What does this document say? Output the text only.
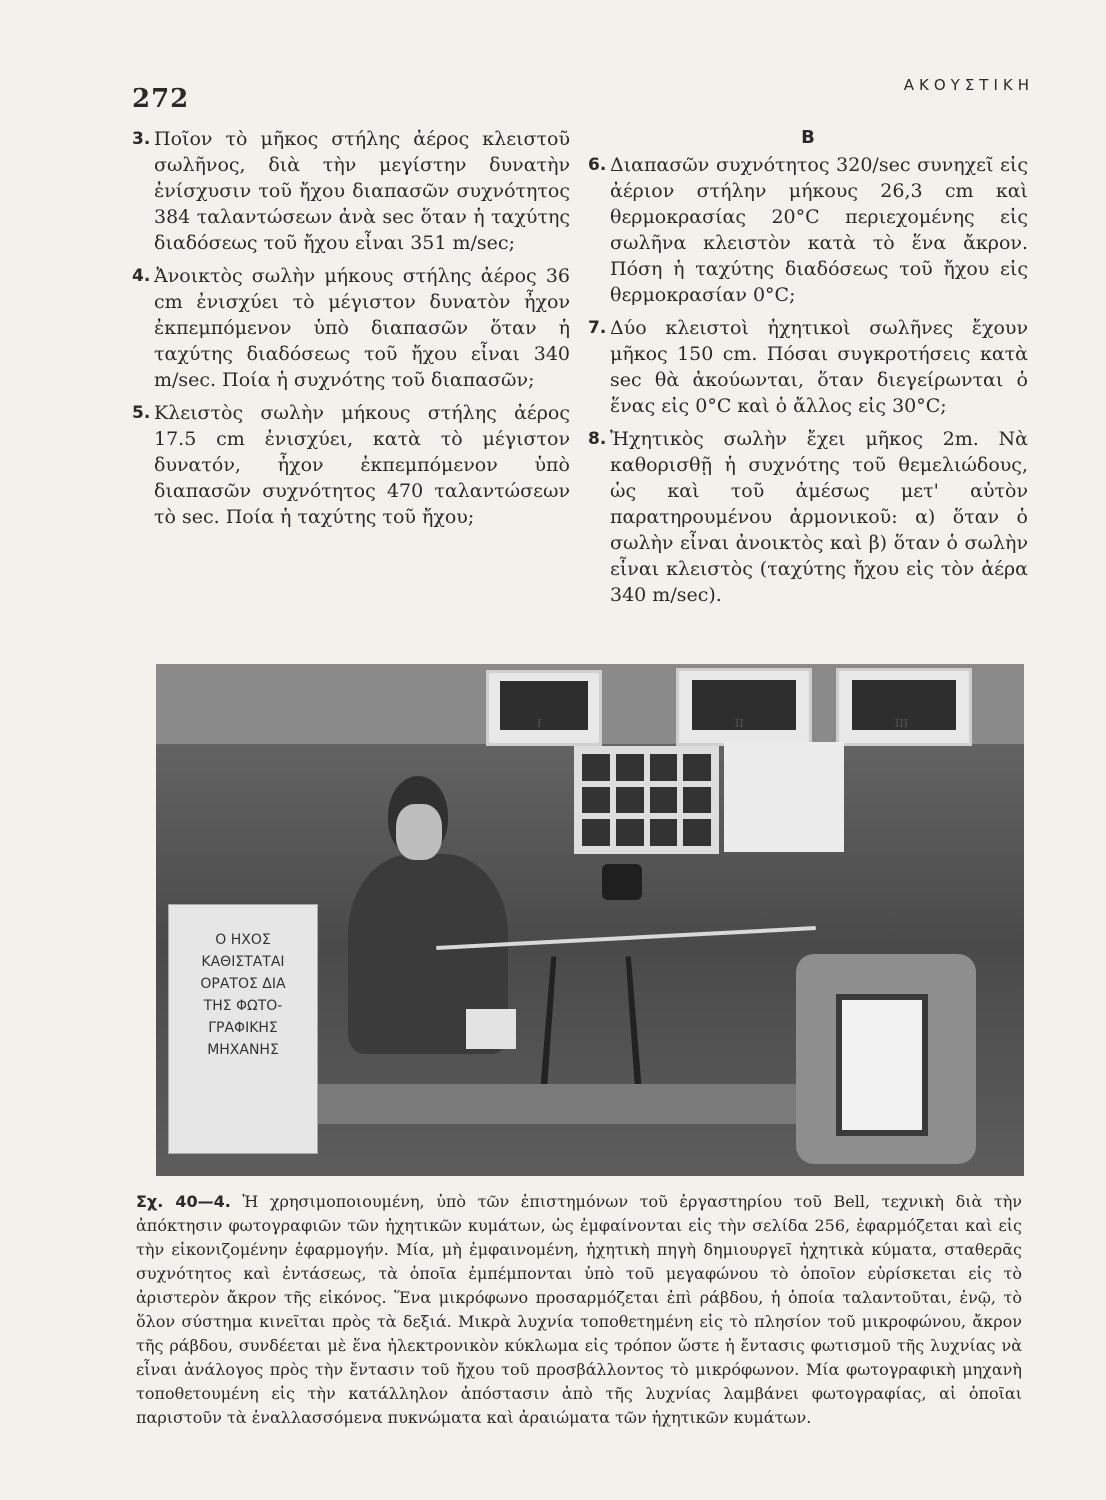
272	ΑΚΟΥΣΤΙΚΗ
3. Ποῖον τὸ μῆκος στήλης ἀέρος κλειστοῦ σωλῆνος, διὰ τὴν μεγίστην δυνατὴν ἐνίσχυσιν τοῦ ἤχου διαπασῶν συχνότητος 384 ταλαντώσεων ἀνὰ sec ὅταν ἡ ταχύτης διαδόσεως τοῦ ἤχου εἶναι 351 m/sec;
4. Ἀνοικτὸς σωλὴν μήκους στήλης ἀέρος 36 cm ἐνισχύει τὸ μέγιστον δυνατὸν ἦχον ἐκπεμπόμενον ὑπὸ διαπασῶν ὅταν ἡ ταχύτης διαδόσεως τοῦ ἤχου εἶναι 340 m/sec. Ποία ἡ συχνότης τοῦ διαπασῶν;
5. Κλειστὸς σωλὴν μήκους στήλης ἀέρος 17.5 cm ἐνισχύει, κατὰ τὸ μέγιστον δυνατόν, ἦχον ἐκπεμπόμενον ὑπὸ διαπασῶν συχνότητος 470 ταλαντώσεων τὸ sec. Ποία ἡ ταχύτης τοῦ ἤχου;
Β
6. Διαπασῶν συχνότητος 320/sec συνηχεῖ εἰς ἀέριον στήλην μήκους 26,3 cm καὶ θερμοκρασίας 20°C περιεχομένης εἰς σωλῆνα κλειστὸν κατὰ τὸ ἕνα ἄκρον. Πόση ἡ ταχύτης διαδόσεως τοῦ ἤχου εἰς θερμοκρασίαν 0°C;
7. Δύο κλειστοὶ ἠχητικοὶ σωλῆνες ἔχουν μῆκος 150 cm. Πόσαι συγκροτήσεις κατὰ sec θὰ ἀκούωνται, ὅταν διεγείρωνται ὁ ἕνας εἰς 0°C καὶ ὁ ἄλλος εἰς 30°C;
8. Ἠχητικὸς σωλὴν ἔχει μῆκος 2m. Νὰ καθορισθῇ ἡ συχνότης τοῦ θεμελιώδους, ὡς καὶ τοῦ ἀμέσως μετ' αὐτὸν παρατηρουμένου ἁρμονικοῦ: α) ὅταν ὁ σωλὴν εἶναι ἀνοικτὸς καὶ β) ὅταν ὁ σωλὴν εἶναι κλειστὸς (ταχύτης ἤχου εἰς τὸν ἀέρα 340 m/sec).
I	II	III
Ο ΗΧΟΣ
ΚΑΘΙΣΤΑΤΑΙ
ΟΡΑΤΟΣ ΔΙΑ
ΤΗΣ ΦΩΤΟ-
ΓΡΑΦΙΚΗΣ
ΜΗΧΑΝΗΣ
Σχ. 40—4. Ἡ χρησιμοποιουμένη, ὑπὸ τῶν ἐπιστημόνων τοῦ ἐργαστηρίου τοῦ Bell, τεχνικὴ διὰ τὴν ἀπόκτησιν φωτογραφιῶν τῶν ἠχητικῶν κυμάτων, ὡς ἐμφαίνονται εἰς τὴν σελίδα 256, ἐφαρμόζεται καὶ εἰς τὴν εἰκονιζομένην ἐφαρμογήν. Μία, μὴ ἐμφαινομένη, ἠχητικὴ πηγὴ δημιουργεῖ ἠχητικὰ κύματα, σταθερᾶς συχνότητος καὶ ἐντάσεως, τὰ ὁποῖα ἐμπέμπονται ὑπὸ τοῦ μεγαφώνου τὸ ὁποῖον εὑρίσκεται εἰς τὸ ἀριστερὸν ἄκρον τῆς εἰκόνος. Ἕνα μικρόφωνο προσαρμόζεται ἐπὶ ράβδου, ἡ ὁποία ταλαντοῦται, ἐνῷ, τὸ ὅλον σύστημα κινεῖται πρὸς τὰ δεξιά. Μικρὰ λυχνία τοποθετημένη εἰς τὸ πλησίον τοῦ μικροφώνου, ἄκρον τῆς ράβδου, συνδέεται μὲ ἕνα ἠλεκτρονικὸν κύκλωμα εἰς τρόπον ὥστε ἡ ἔντασις φωτισμοῦ τῆς λυχνίας νὰ εἶναι ἀνάλογος πρὸς τὴν ἔντασιν τοῦ ἤχου τοῦ προσβάλλοντος τὸ μικρόφωνον. Μία φωτογραφικὴ μηχανὴ τοποθετουμένη εἰς τὴν κατάλληλον ἀπόστασιν ἀπὸ τῆς λυχνίας λαμβάνει φωτογραφίας, αἱ ὁποῖαι παριστοῦν τὰ ἐναλλασσόμενα πυκνώματα καὶ ἀραιώματα τῶν ἠχητικῶν κυμάτων.
